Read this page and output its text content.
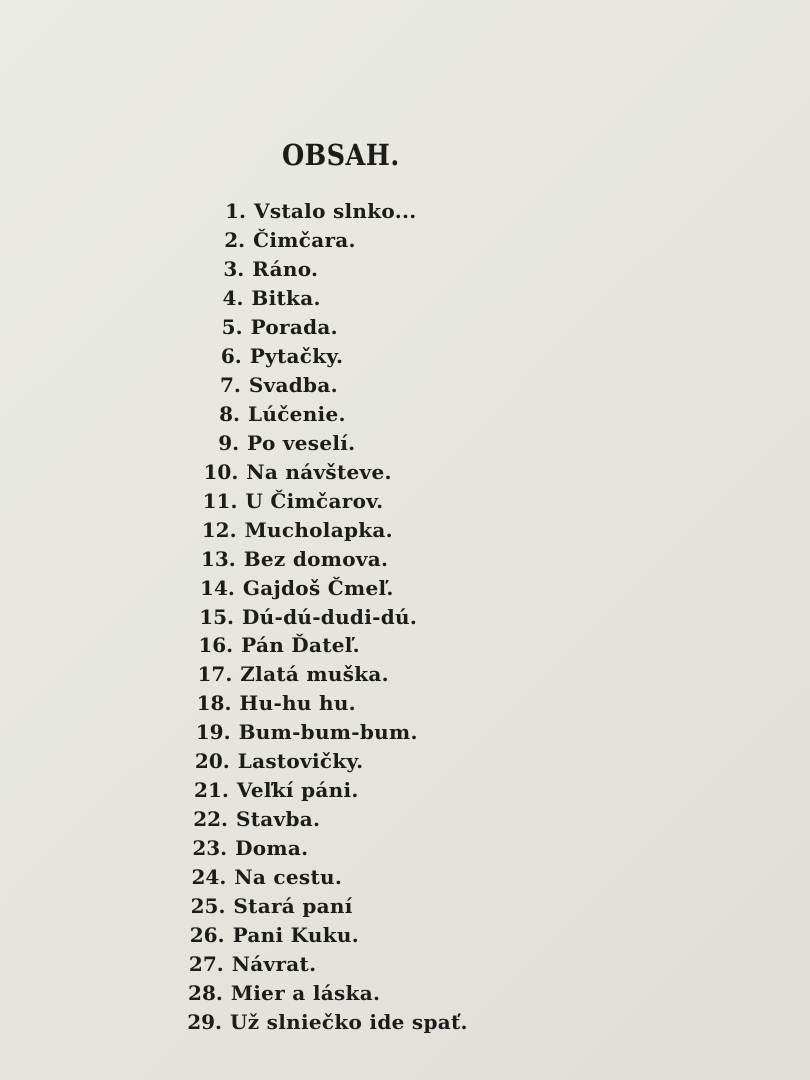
OBSAH.
1. Vstalo slnko...
2. Čimčara.
3. Ráno.
4. Bitka.
5. Porada.
6. Pytačky.
7. Svadba.
8. Lúčenie.
9. Po veselí.
10. Na návšteve.
11. U Čimčarov.
12. Mucholapka.
13. Bez domova.
14. Gajdoš Čmeľ.
15. Dú-dú-dudi-dú.
16. Pán Ďateľ.
17. Zlatá muška.
18. Hu-hu hu.
19. Bum-bum-bum.
20. Lastovičky.
21. Veľkí páni.
22. Stavba.
23. Doma.
24. Na cestu.
25. Stará paní
26. Pani Kuku.
27. Návrat.
28. Mier a láska.
29. Už slniečko ide spať.
